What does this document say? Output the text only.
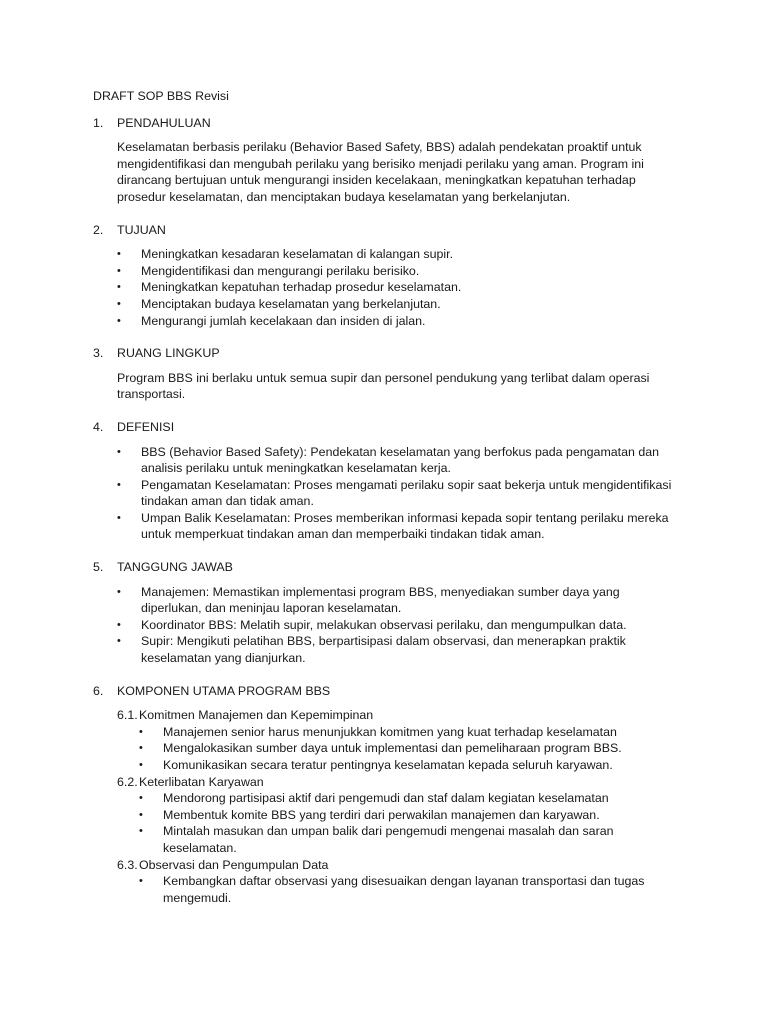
DRAFT SOP BBS Revisi

1.	PENDAHULUAN

Keselamatan berbasis perilaku (Behavior Based Safety, BBS) adalah pendekatan proaktif untuk mengidentifikasi dan mengubah perilaku yang berisiko menjadi perilaku yang aman. Program ini dirancang bertujuan untuk mengurangi insiden kecelakaan, meningkatkan kepatuhan terhadap prosedur keselamatan, dan menciptakan budaya keselamatan yang berkelanjutan.

2.	TUJUAN
•	Meningkatkan kesadaran keselamatan di kalangan supir.
•	Mengidentifikasi dan mengurangi perilaku berisiko.
•	Meningkatkan kepatuhan terhadap prosedur keselamatan.
•	Menciptakan budaya keselamatan yang berkelanjutan.
•	Mengurangi jumlah kecelakaan dan insiden di jalan.
3.	RUANG LINGKUP

Program BBS ini berlaku untuk semua supir dan personel pendukung yang terlibat dalam operasi transportasi.

4.	DEFENISI
•	BBS (Behavior Based Safety): Pendekatan keselamatan yang berfokus pada pengamatan dan analisis perilaku untuk meningkatkan keselamatan kerja.
•	Pengamatan Keselamatan: Proses mengamati perilaku sopir saat bekerja untuk mengidentifikasi tindakan aman dan tidak aman.
•	Umpan Balik Keselamatan: Proses memberikan informasi kepada sopir tentang perilaku mereka untuk memperkuat tindakan aman dan memperbaiki tindakan tidak aman.
5.	TANGGUNG JAWAB
•	Manajemen: Memastikan implementasi program BBS, menyediakan sumber daya yang diperlukan, dan meninjau laporan keselamatan.
•	Koordinator BBS: Melatih supir, melakukan observasi perilaku, dan mengumpulkan data.
•	Supir: Mengikuti pelatihan BBS, berpartisipasi dalam observasi, dan menerapkan praktik keselamatan yang dianjurkan.
6.	KOMPONEN UTAMA PROGRAM BBS
6.1. Komitmen Manajemen dan Kepemimpinan
•	Manajemen senior harus menunjukkan komitmen yang kuat terhadap keselamatan
•	Mengalokasikan sumber daya untuk implementasi dan pemeliharaan program BBS.
•	Komunikasikan secara teratur pentingnya keselamatan kepada seluruh karyawan.
6.2. Keterlibatan Karyawan
•	Mendorong partisipasi aktif dari pengemudi dan staf dalam kegiatan keselamatan
•	Membentuk komite BBS yang terdiri dari perwakilan manajemen dan karyawan.
•	Mintalah masukan dan umpan balik dari pengemudi mengenai masalah dan saran keselamatan.
6.3. Observasi dan Pengumpulan Data
•	Kembangkan daftar observasi yang disesuaikan dengan layanan transportasi dan tugas mengemudi.
